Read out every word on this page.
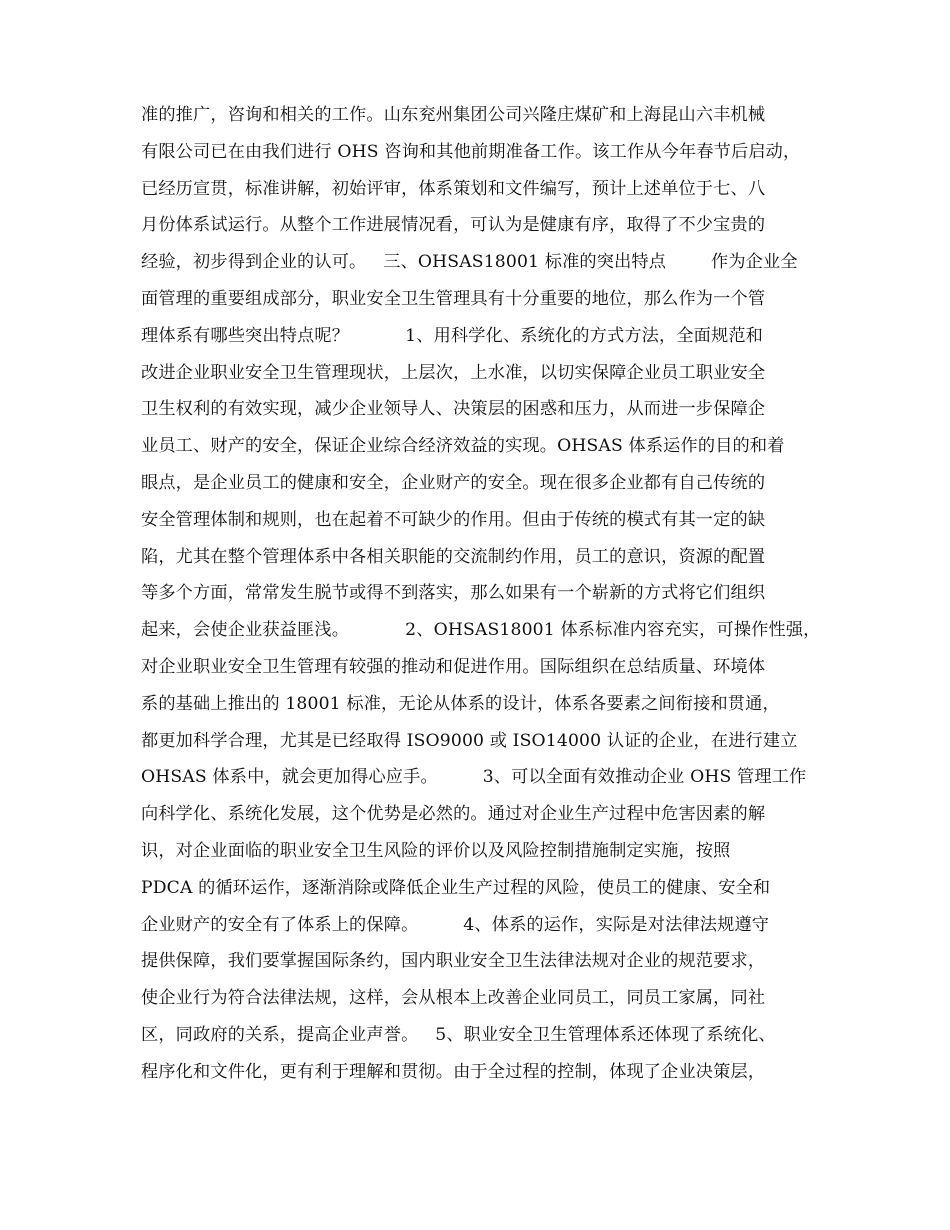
准的推广，咨询和相关的工作。山东兖州集团公司兴隆庄煤矿和上海昆山六丰机械
有限公司已在由我们进行 OHS 咨询和其他前期准备工作。该工作从今年春节后启动，
已经历宣贯，标准讲解，初始评审，体系策划和文件编写，预计上述单位于七、八
月份体系试运行。从整个工作进展情况看，可认为是健康有序，取得了不少宝贵的
经验，初步得到企业的认可。   三、OHSAS18001 标准的突出特点        作为企业全
面管理的重要组成部分，职业安全卫生管理具有十分重要的地位，那么作为一个管
理体系有哪些突出特点呢？          1、用科学化、系统化的方式方法，全面规范和
改进企业职业安全卫生管理现状，上层次，上水准，以切实保障企业员工职业安全
卫生权利的有效实现，减少企业领导人、决策层的困惑和压力，从而进一步保障企
业员工、财产的安全，保证企业综合经济效益的实现。OHSAS 体系运作的目的和着
眼点，是企业员工的健康和安全，企业财产的安全。现在很多企业都有自己传统的
安全管理体制和规则，也在起着不可缺少的作用。但由于传统的模式有其一定的缺
陷，尤其在整个管理体系中各相关职能的交流制约作用，员工的意识，资源的配置
等多个方面，常常发生脱节或得不到落实，那么如果有一个崭新的方式将它们组织
起来，会使企业获益匪浅。          2、OHSAS18001 体系标准内容充实，可操作性强，
对企业职业安全卫生管理有较强的推动和促进作用。国际组织在总结质量、环境体
系的基础上推出的 18001 标准，无论从体系的设计，体系各要素之间衔接和贯通，
都更加科学合理，尤其是已经取得 ISO9000 或 ISO14000 认证的企业，在进行建立
OHSAS 体系中，就会更加得心应手。        3、可以全面有效推动企业 OHS 管理工作
向科学化、系统化发展，这个优势是必然的。通过对企业生产过程中危害因素的解
识，对企业面临的职业安全卫生风险的评价以及风险控制措施制定实施，按照
PDCA 的循环运作，逐渐消除或降低企业生产过程的风险，使员工的健康、安全和
企业财产的安全有了体系上的保障。        4、体系的运作，实际是对法律法规遵守
提供保障，我们要掌握国际条约，国内职业安全卫生法律法规对企业的规范要求，
使企业行为符合法律法规，这样，会从根本上改善企业同员工，同员工家属，同社
区，同政府的关系，提高企业声誉。   5、职业安全卫生管理体系还体现了系统化、
程序化和文件化，更有利于理解和贯彻。由于全过程的控制，体现了企业决策层，
